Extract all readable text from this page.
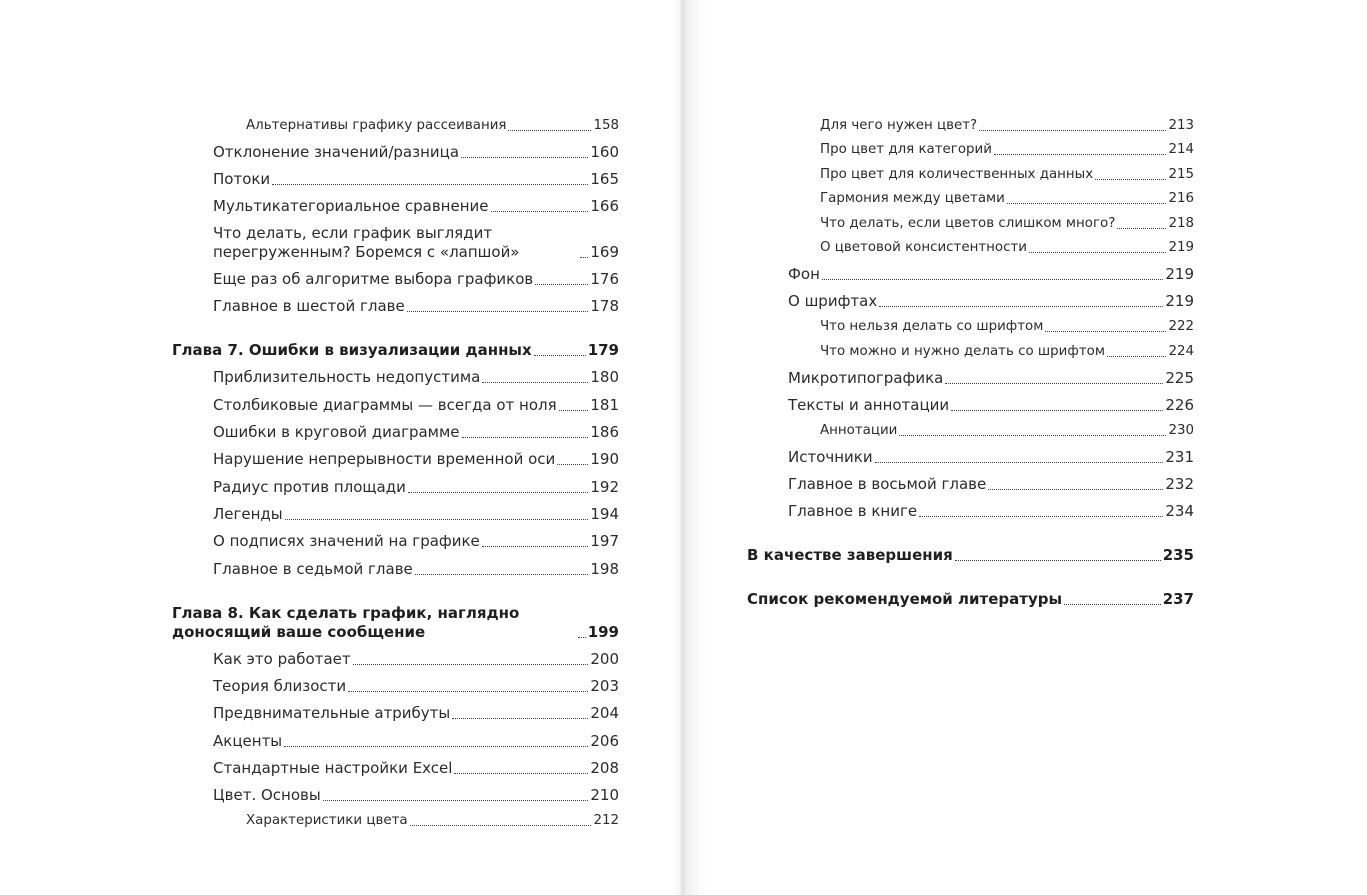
Альтернативы графику рассеивания	158
Отклонение значений/разница	160
Потоки	165
Мультикатегориальное сравнение	166
Что делать, если график выглядит перегруженным? Боремся с «лапшой»	169
Еще раз об алгоритме выбора графиков	176
Главное в шестой главе	178
Глава 7. Ошибки в визуализации данных	179
Приблизительность недопустима	180
Столбиковые диаграммы — всегда от ноля 181
Ошибки в круговой диаграмме	186
Нарушение непрерывности временной оси 190
Радиус против площади	192
Легенды	194
О подписях значений на графике	197
Главное в седьмой главе	198
Глава 8. Как сделать график, наглядно доносящий ваше сообщение	199
Как это работает	200
Теория близости	203
Предвнимательные атрибуты	204
Акценты	206
Стандартные настройки Excel	208
Цвет. Основы	210
Характеристики цвета	212
Для чего нужен цвет?	213
Про цвет для категорий	214
Про цвет для количественных данных	215
Гармония между цветами	216
Что делать, если цветов слишком много?	218
О цветовой консистентности	219
Фон	219
О шрифтах	219
Что нельзя делать со шрифтом	222
Что можно и нужно делать со шрифтом	224
Микротипографика	225
Тексты и аннотации	226
Аннотации	230
Источники	231
Главное в восьмой главе	232
Главное в книге	234
В качестве завершения	235
Список рекомендуемой литературы	237
